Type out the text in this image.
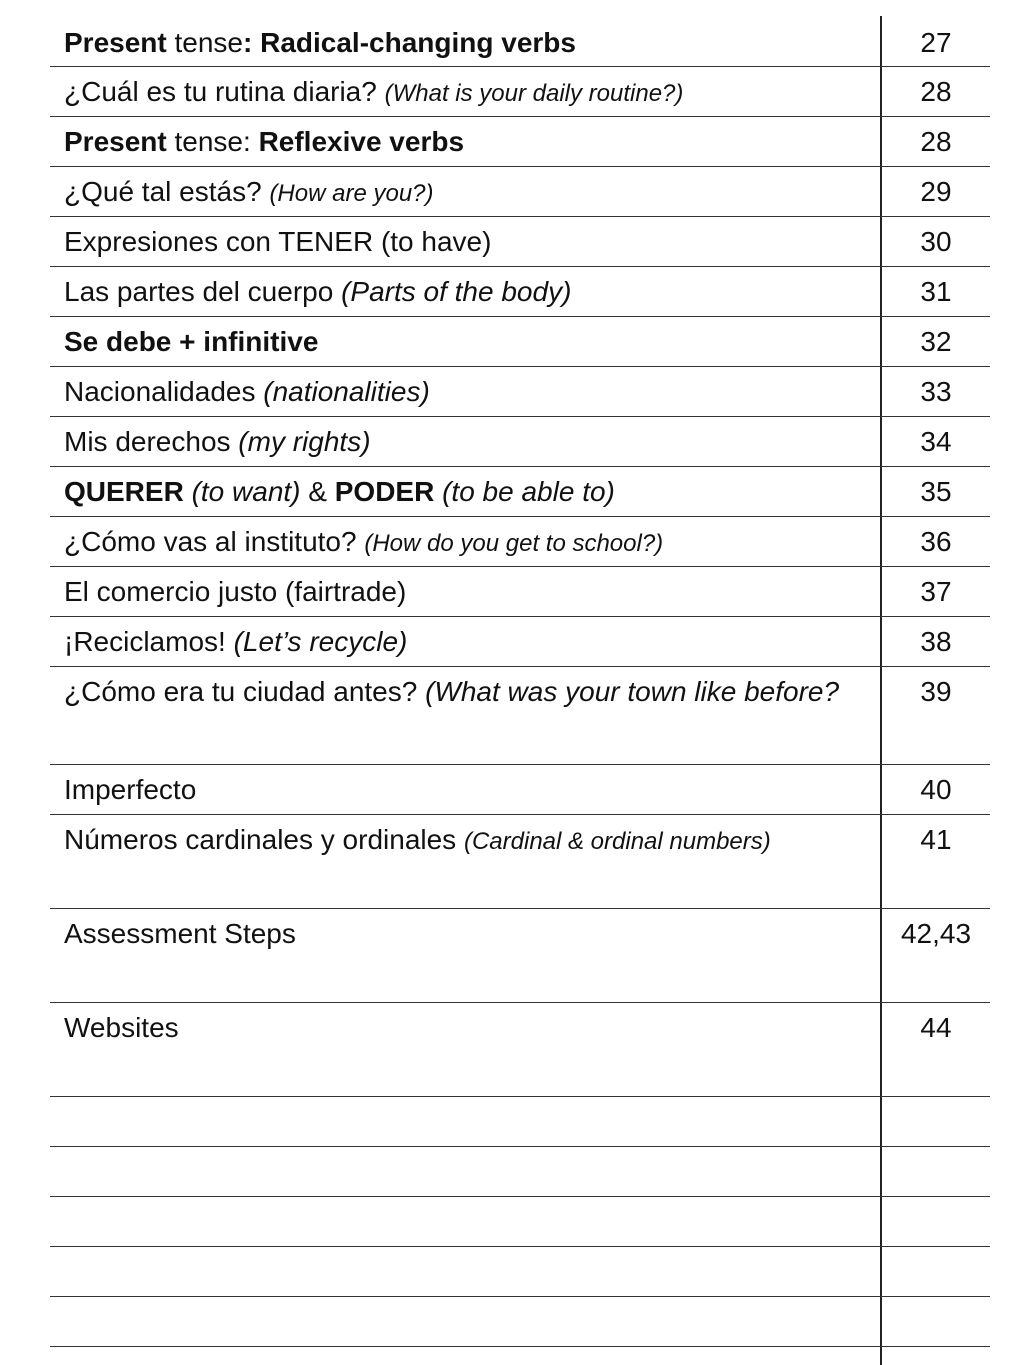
Present tense: Radical-changing verbs	27
¿Cuál es tu rutina diaria? (What is your daily routine?)	28
Present tense: Reflexive verbs	28
¿Qué tal estás? (How are you?)	29
Expresiones con TENER (to have)	30
Las partes del cuerpo (Parts of the body)	31
Se debe + infinitive	32
Nacionalidades (nationalities)	33
Mis derechos (my rights)	34
QUERER (to want) & PODER (to be able to)	35
¿Cómo vas al instituto? (How do you get to school?)	36
El comercio justo (fairtrade)	37
¡Reciclamos! (Let’s recycle)	38
¿Cómo era tu ciudad antes? (What was your town like before?	39
Imperfecto	40
Números cardinales y ordinales (Cardinal & ordinal numbers)	41
Assessment Steps	42,43
Websites	44
